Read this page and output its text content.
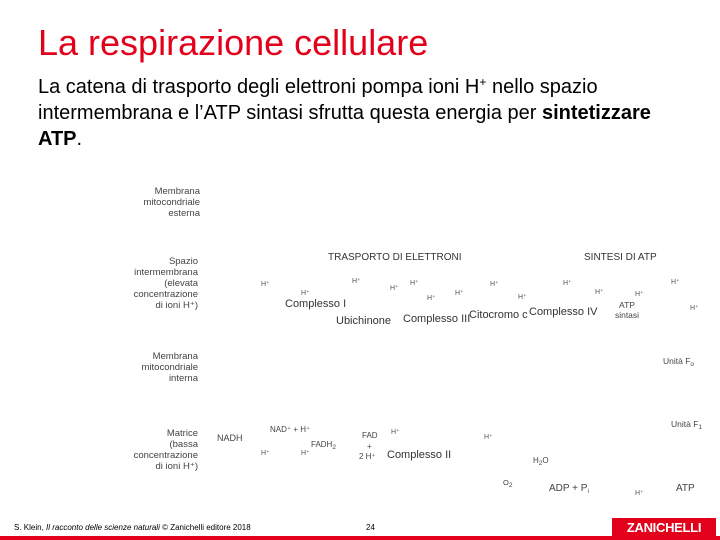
La respirazione cellulare

La catena di trasporto degli elettroni pompa ioni H+ nello spazio intermembrana e l’ATP sintasi sfrutta questa energia per sintetizzare ATP.

Membrana
mitocondriale
esterna
Spazio
intermembrana
(elevata
concentrazione
di ioni H⁺)
Membrana
mitocondriale
interna
Matrice
(bassa
concentrazione
di ioni H⁺)
TRASPORTO DI ELETTRONI	SINTESI DI ATP
H⁺
H⁺
H⁺
H⁺
H⁺
H⁺
H⁺
H⁺
H⁺
H⁺
H⁺	H⁺
H⁺
H⁺
Complesso I
Ubichinone Complesso III
Citocromo c Complesso IV
ATP
sintasi
Unità $F_o$
Unità $F_1$
NADH
H⁺
NAD⁺ + H⁺
H⁺
$FADH_2$
FAD
+
2 H⁺
H⁺
Complesso II
H⁺
$H_2O$
$O_2$	ADP + $P_i$	H⁺	ATP
S. Klein, Il racconto delle scienze naturali © Zanichelli editore 2018	24	ZANICHELLI
